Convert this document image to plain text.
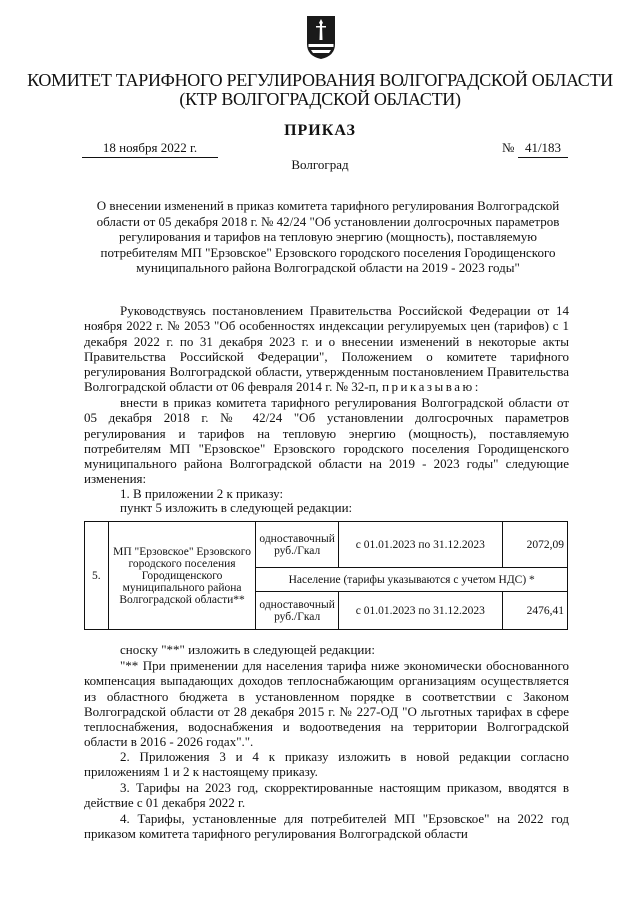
КОМИТЕТ ТАРИФНОГО РЕГУЛИРОВАНИЯ ВОЛГОГРАДСКОЙ ОБЛАСТИ
(КТР ВОЛГОГРАДСКОЙ ОБЛАСТИ)
ПРИКАЗ
18 ноября 2022 г.	№ 41/183
Волгоград
О внесении изменений в приказ комитета тарифного регулирования Волгоградской области от 05 декабря 2018 г. № 42/24 "Об установлении долгосрочных параметров регулирования и тарифов на тепловую энергию (мощность), поставляемую потребителям МП "Ерзовское" Ерзовского городского поселения Городищенского муниципального района Волгоградской области на 2019 - 2023 годы"
Руководствуясь постановлением Правительства Российской Федерации от 14 ноября 2022 г. № 2053 "Об особенностях индексации регулируемых цен (тарифов) с 1 декабря 2022 г. по 31 декабря 2023 г. и о внесении изменений в некоторые акты Правительства Российской Федерации", Положением о комитете тарифного регулирования Волгоградской области, утвержденным постановлением Правительства Волгоградской области от 06 февраля 2014 г. № 32-п, приказываю:
внести в приказ комитета тарифного регулирования Волгоградской области от 05 декабря 2018 г. № 42/24 "Об установлении долгосрочных параметров регулирования и тарифов на тепловую энергию (мощность), поставляемую потребителям МП "Ерзовское" Ерзовского городского поселения Городищенского муниципального района Волгоградской области на 2019 - 2023 годы" следующие изменения:
1. В приложении 2 к приказу:
пункт 5 изложить в следующей редакции:
5.	МП "Ерзовское" Ерзовского городского поселения Городищенского муниципального района Волгоградской области**	одноставочный руб./Гкал	с 01.01.2023 по 31.12.2023	2072,09
		Население (тарифы указываются с учетом НДС) *		
		одноставочный руб./Гкал	с 01.01.2023 по 31.12.2023	2476,41
сноску "**" изложить в следующей редакции:
"** При применении для населения тарифа ниже экономически обоснованного компенсация выпадающих доходов теплоснабжающим организациям осуществляется из областного бюджета в установленном порядке в соответствии с Законом Волгоградской области от 28 декабря 2015 г. № 227-ОД "О льготных тарифах в сфере теплоснабжения, водоснабжения и водоотведения на территории Волгоградской области в 2016 - 2026 годах".".
2. Приложения 3 и 4 к приказу изложить в новой редакции согласно приложениям 1 и 2 к настоящему приказу.
3. Тарифы на 2023 год, скорректированные настоящим приказом, вводятся в действие с 01 декабря 2022 г.
4. Тарифы, установленные для потребителей МП "Ерзовское" на 2022 год приказом комитета тарифного регулирования Волгоградской области
